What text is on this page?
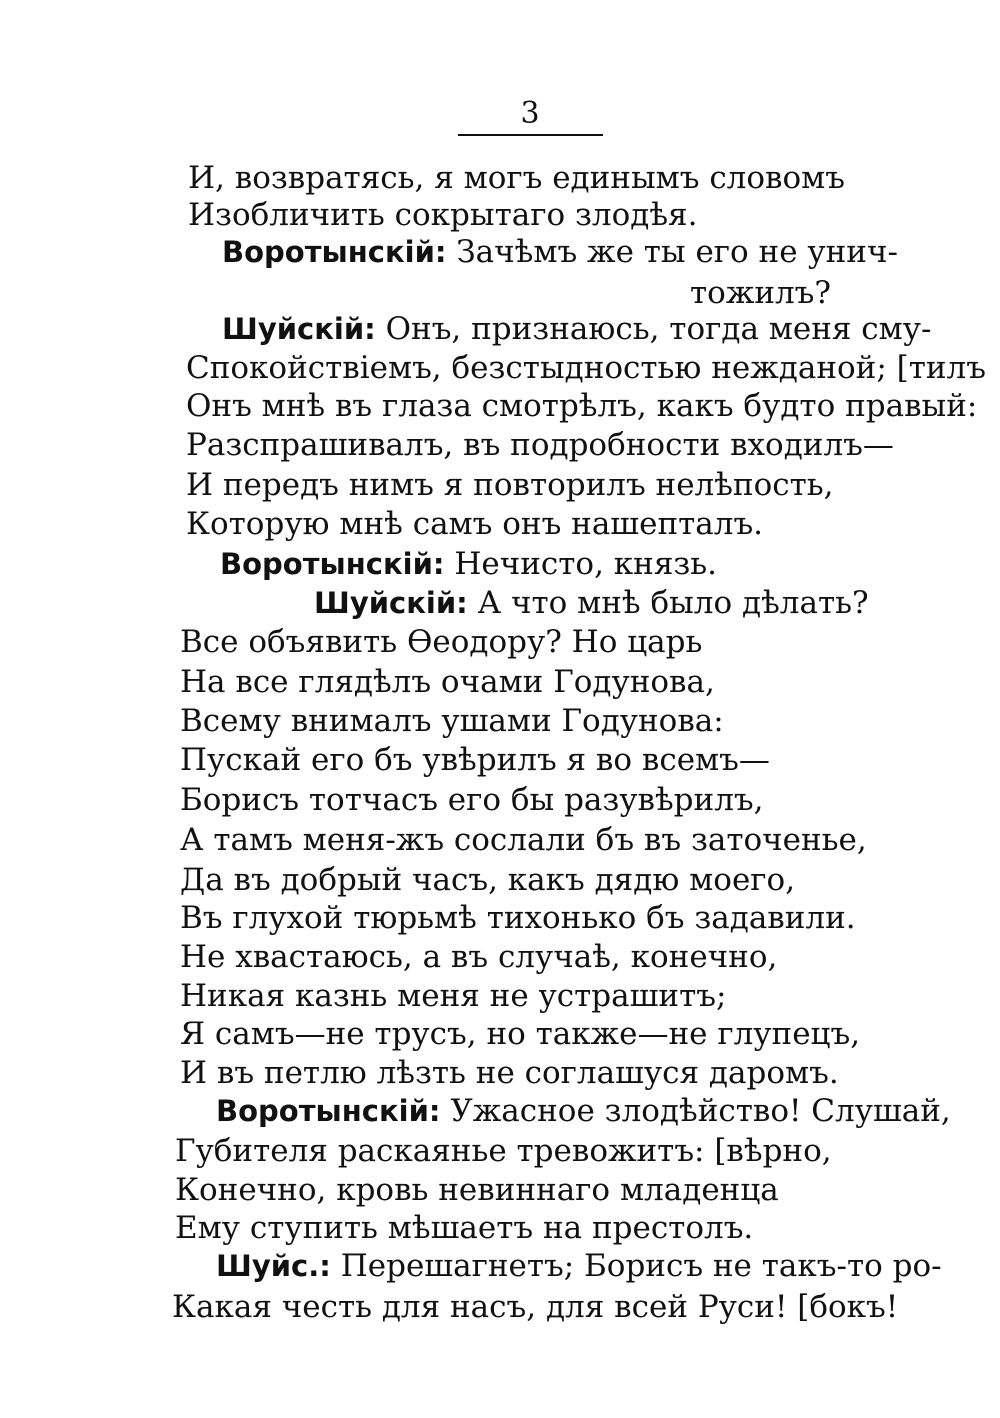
3
И, возвратясь, я могъ единымъ словомъ
Изобличить сокрытаго злодѣя.
Воротынскій: Зачѣмъ же ты его не унич-
тожилъ?
Шуйскій: Онъ, признаюсь, тогда меня сму-
Спокойствіемъ, безстыдностью нежданой; [тилъ
Онъ мнѣ въ глаза смотрѣлъ, какъ будто правый:
Разспрашивалъ, въ подробности входилъ—
И передъ нимъ я повторилъ нелѣпость,
Которую мнѣ самъ онъ нашепталъ.
Воротынскій: Нечисто, князь.
Шуйскій: А что мнѣ было дѣлать?
Все объявить Ѳеодору? Но царь
На все глядѣлъ очами Годунова,
Всему внималъ ушами Годунова:
Пускай его бъ увѣрилъ я во всемъ—
Борисъ тотчасъ его бы разувѣрилъ,
А тамъ меня-жъ сослали бъ въ заточенье,
Да въ добрый часъ, какъ дядю моего,
Въ глухой тюрьмѣ тихонько бъ задавили.
Не хвастаюсь, а въ случаѣ, конечно,
Никая казнь меня не устрашитъ;
Я самъ—не трусъ, но также—не глупецъ,
И въ петлю лѣзть не соглашуся даромъ.
Воротынскій: Ужасное злодѣйство! Слушай,
Губителя раскаянье тревожитъ: [вѣрно,
Конечно, кровь невиннаго младенца
Ему ступить мѣшаетъ на престолъ.
Шуйс.: Перешагнетъ; Борисъ не такъ-то ро-
Какая честь для насъ, для всей Руси! [бокъ!
